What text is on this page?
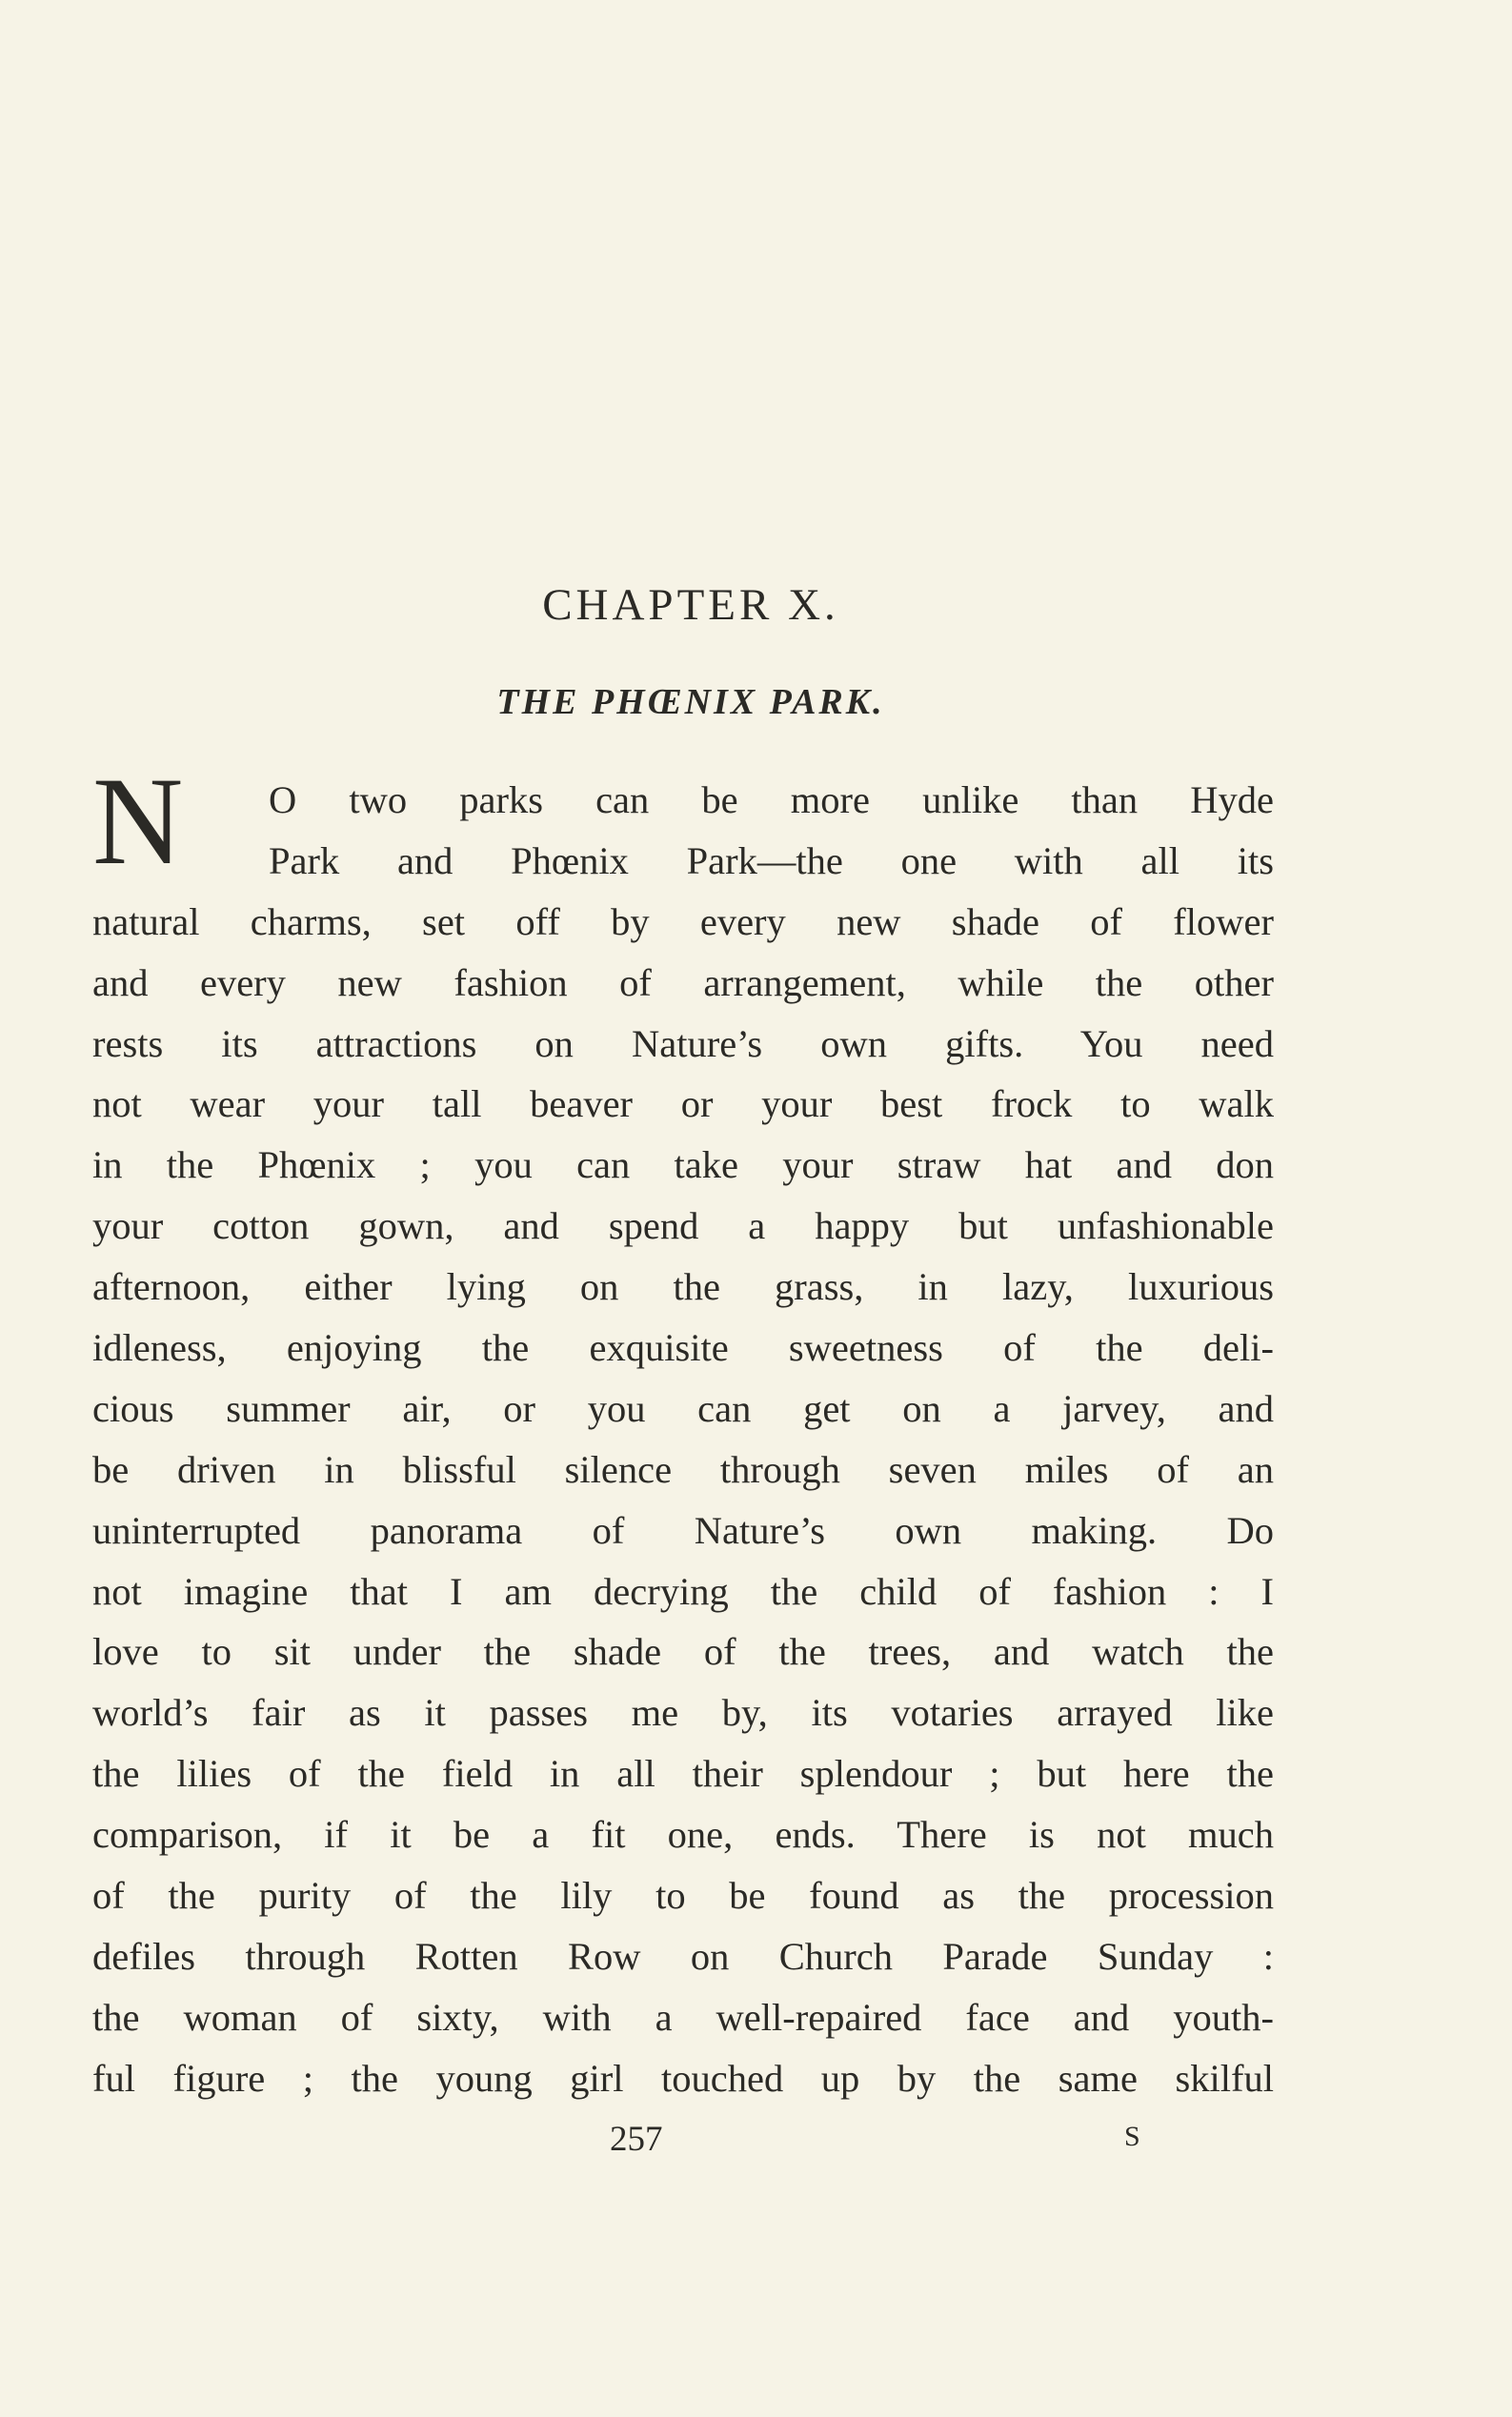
CHAPTER X.
THE PHŒNIX PARK.
N	O two parks can be more unlike than Hyde
Park and Phœnix Park—the one with all its
natural charms, set off by every new shade of flower
and every new fashion of arrangement, while the other
rests its attractions on Nature’s own gifts. You need
not wear your tall beaver or your best frock to walk
in the Phœnix ; you can take your straw hat and don
your cotton gown, and spend a happy but unfashionable
afternoon, either lying on the grass, in lazy, luxurious
idleness, enjoying the exquisite sweetness of the deli-
cious summer air, or you can get on a jarvey, and
be driven in blissful silence through seven miles of an
uninterrupted panorama of Nature’s own making. Do
not imagine that I am decrying the child of fashion : I
love to sit under the shade of the trees, and watch the
world’s fair as it passes me by, its votaries arrayed like
the lilies of the field in all their splendour ; but here the
comparison, if it be a fit one, ends. There is not much
of the purity of the lily to be found as the procession
defiles through Rotten Row on Church Parade Sunday :
the woman of sixty, with a well-repaired face and youth-
ful figure ; the young girl touched up by the same skilful
257	S
